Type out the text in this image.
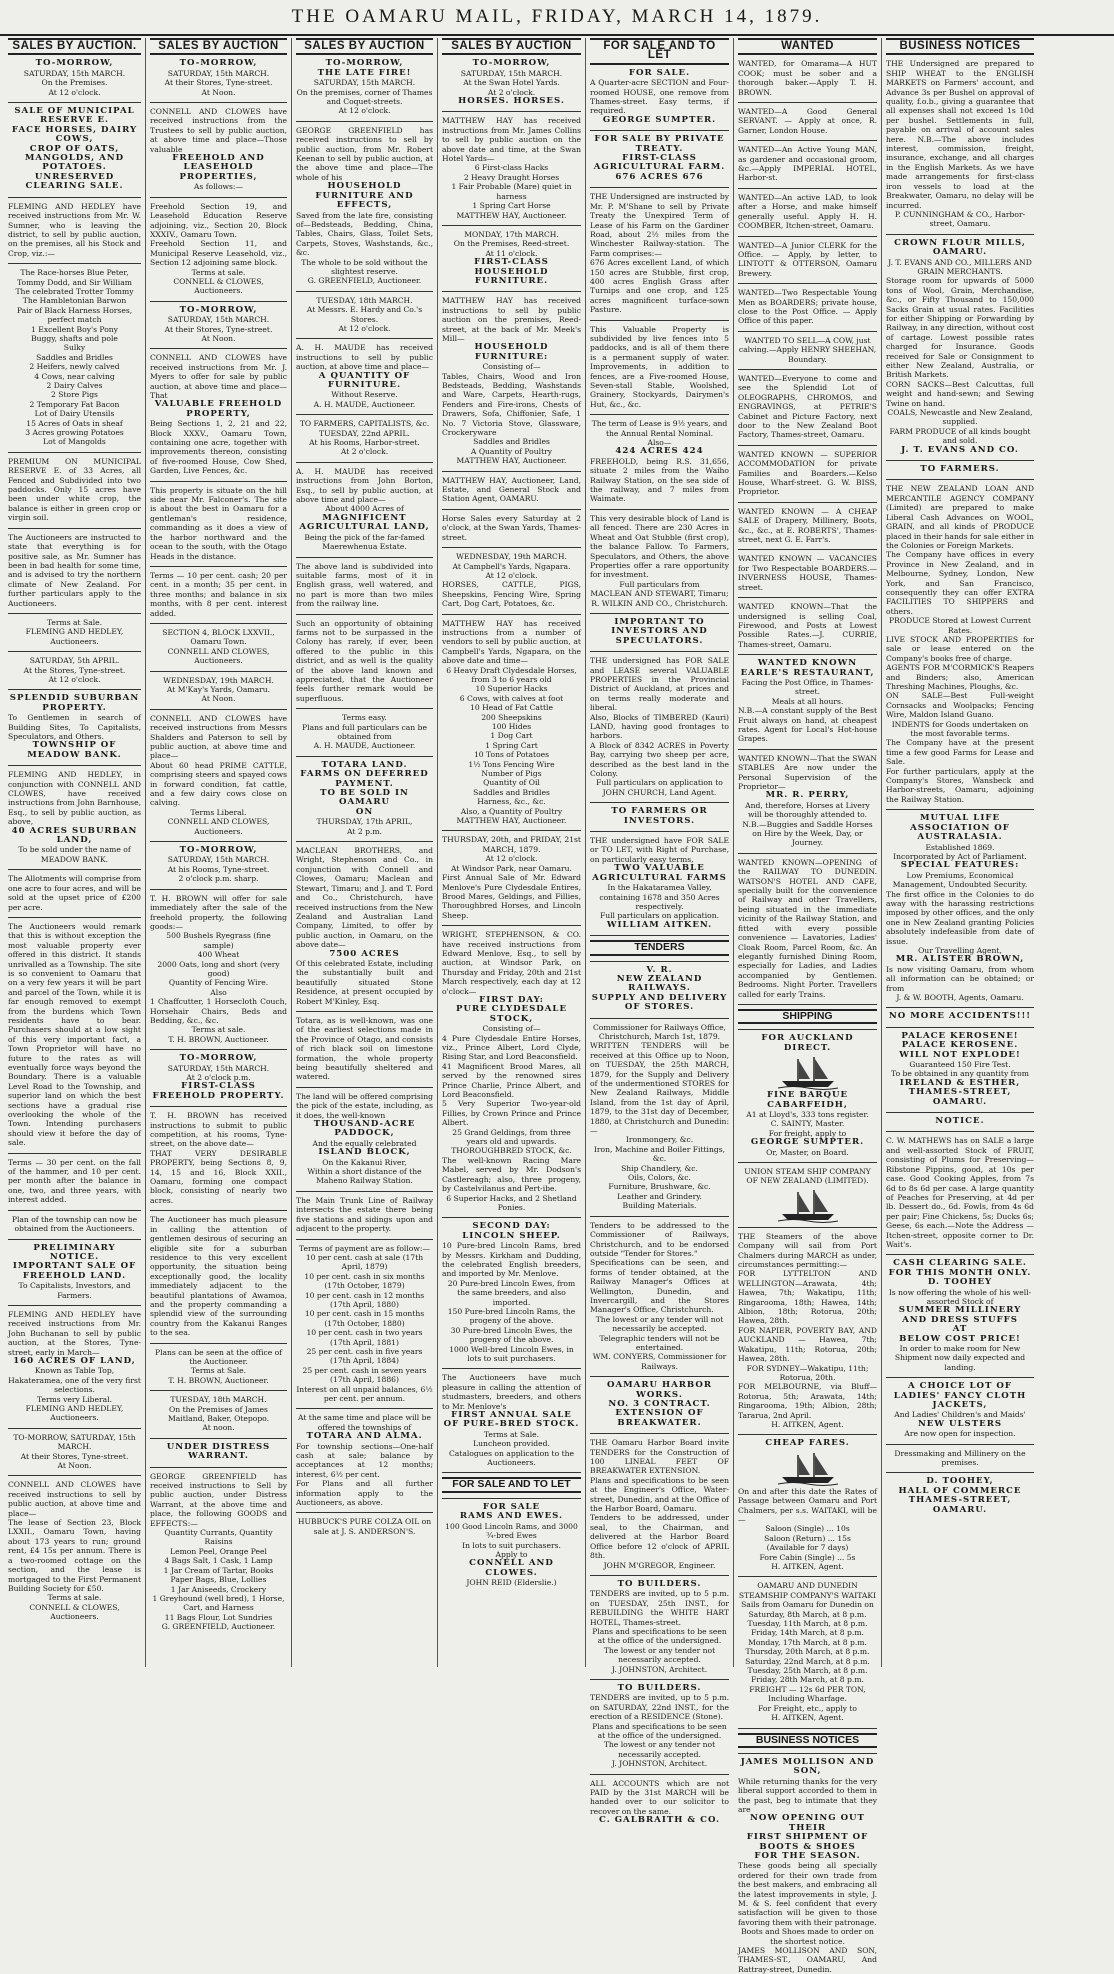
THE OAMARU MAIL, FRIDAY, MARCH 14, 1879.
SALES BY AUCTION.
TO-MORROW,
SATURDAY, 15th MARCH.
On the Premises.
At 12 o'clock.
SALE OF MUNICIPAL RESERVE E.
FACE HORSES, DAIRY COWS,
CROP OF OATS, MANGOLDS, AND POTATOES.
UNRESERVED CLEARING SALE.
FLEMING AND HEDLEY have received instructions from Mr. W. Sumner, who is leaving the district, to sell by public auction, on the premises, all his Stock and Crop, viz.:—
The Race-horses Blue Peter, Tommy Dodd, and Sir William
The celebrated Trotter Tommy
The Hambletonian Barwon
Pair of Black Harness Horses, perfect match
1 Excellent Boy's Pony
Buggy, shafts and pole
Sulky
Saddles and Bridles
2 Heifers, newly calved
4 Cows, near calving
2 Dairy Calves
2 Store Pigs
2 Temporary Fat Bacon
Lot of Dairy Utensils
15 Acres of Oats in sheaf
3 Acres growing Potatoes
Lot of Mangolds
PREMIUM ON MUNICIPAL RESERVE E. of 33 Acres, all Fenced and Subdivided into two paddocks. Only 15 acres have been under white crop, the balance is either in green crop or virgin soil.
The Auctioneers are instructed to state that everything is for positive sale, as Mr. Sumner has been in bad health for some time, and is advised to try the northern climate of New Zealand. For further particulars apply to the Auctioneers.
Terms at Sale.
FLEMING AND HEDLEY, Auctioneers.
SATURDAY, 5th APRIL.
At the Stores, Tyne-street.
At 12 o'clock.
SPLENDID SUBURBAN PROPERTY.
To Gentlemen in search of Building Sites, To Capitalists, Speculators, and Others.
TOWNSHIP OF MEADOW BANK.
FLEMING AND HEDLEY, in conjunction with CONNELL AND CLOWES, have received instructions from John Barnhouse, Esq., to sell by public auction, as above,
40 ACRES SUBURBAN LAND,
To be sold under the name of MEADOW BANK.
The Allotments will comprise from one acre to four acres, and will be sold at the upset price of £200 per acre.
The Auctioneers would remark that this is without exception the most valuable property ever offered in this district. It stands unrivalled as a Township. The site is so convenient to Oamaru that on a very few years it will be part and parcel of the Town, while it is far enough removed to exempt from the burdens which Town residents have to bear. Purchasers should at a low sight of this very important fact, a Town Proprietor will have no future to the rates as will eventually force ways beyond the Boundary. There is a valuable Level Road to the Township, and superior land on which the best sections have a gradual rise overlooking the whole of the Town. Intending purchasers should view it before the day of sale.
Terms — 30 per cent. on the fall of the hammer, and 10 per cent. per month after the balance in one, two, and three years, with interest added.
Plan of the township can now be obtained from the Auctioneers.
PRELIMINARY NOTICE.
IMPORTANT SALE OF FREEHOLD LAND.
To Capitalists, Investors, and Farmers.
FLEMING AND HEDLEY have received instructions from Mr. John Buchanan to sell by public auction, at the Stores, Tyne-street, early in March—
160 ACRES OF LAND,
Known as Table Top, Hakateramea, one of the very first selections.
Terms very Liberal.
FLEMING AND HEDLEY, Auctioneers.
TO-MORROW, SATURDAY, 15th MARCH.
At their Stores, Tyne-street.
At Noon.
CONNELL AND CLOWES have received instructions to sell by public auction, at above time and place—
The lease of Section 23, Block LXXII., Oamaru Town, having about 173 years to run; ground rent, £4 15s per annum. There is a two-roomed cottage on the section, and the lease is mortgaged to the First Permanent Building Society for £50.
Terms at sale.
CONNELL & CLOWES, Auctioneers.
SALES BY AUCTION
TO-MORROW,
SATURDAY, 15th MARCH.
At their Stores, Tyne-street.
At Noon.
CONNELL AND CLOWES have received instructions from the Trustees to sell by public auction, at above time and place—Those valuable
FREEHOLD AND LEASEHOLD PROPERTIES,
As follows:—
Freehold Section 19, and Leasehold Education Reserve adjoining, viz., Section 20, Block XXXIV., Oamaru Town.
Freehold Section 11, and Municipal Reserve Leasehold, viz., Section 12 adjoining same block.
Terms at sale.
CONNELL & CLOWES, Auctioneers.
TO-MORROW,
SATURDAY, 15th MARCH.
At their Stores, Tyne-street.
At Noon.
CONNELL AND CLOWES have received instructions from Mr. J. Myers to offer for sale by public auction, at above time and place—That
VALUABLE FREEHOLD PROPERTY,
Being Sections 1, 2, 21 and 22, Block XXXV., Oamaru Town, containing one acre, together with improvements thereon, consisting of five-roomed House, Cow Shed, Garden, Live Fences, &c.
This property is situate on the hill side near Mr. Falconer's. The site is about the best in Oamaru for a gentleman's residence, commanding as it does a view of the harbor northward and the ocean to the south, with the Otago Heads in the distance.
Terms — 10 per cent. cash; 20 per cent. in a month; 35 per cent. in three months; and balance in six months, with 8 per cent. interest added.
SECTION 4, BLOCK LXXVII., Oamaru Town.
CONNELL AND CLOWES, Auctioneers.
WEDNESDAY, 19th MARCH.
At M'Kay's Yards, Oamaru.
At Noon.
CONNELL AND CLOWES have received instructions from Messrs Shalders and Paterson to sell by public auction, at above time and place—
About 60 head PRIME CATTLE, comprising steers and spayed cows in forward condition, fat cattle, and a few dairy cows close on calving.
Terms Liberal.
CONNELL AND CLOWES, Auctioneers.
TO-MORROW,
SATURDAY, 15th MARCH.
At his Rooms, Tyne-street.
2 o'clock p.m. sharp.
T. H. BROWN will offer for sale immediately after the sale of the freehold property, the following goods:—
500 Bushels Ryegrass (fine sample)
400 Wheat
2000 Oats, long and short (very good)
Quantity of Fencing Wire.
Also
1 Chaffcutter, 1 Horsecloth Couch, Horsehair Chairs, Beds and Bedding, &c., &c.
Terms at sale.
T. H. BROWN, Auctioneer.
TO-MORROW,
SATURDAY, 15th MARCH.
At 2 o'clock p.m.
FIRST-CLASS FREEHOLD PROPERTY.
T. H. BROWN has received instructions to submit to public competition, at his rooms, Tyne-street, on the above date—
THAT VERY DESIRABLE PROPERTY, being Sections 8, 9, 14, 15 and 16, Block XXII., Oamaru, forming one compact block, consisting of nearly two acres.
The Auctioneer has much pleasure in calling the attention of gentlemen desirous of securing an eligible site for a suburban residence to this very excellent opportunity, the situation being exceptionally good, the locality immediately adjacent to the beautiful plantations of Awamoa, and the property commanding a splendid view of the surrounding country from the Kakanui Ranges to the sea.
Plans can be seen at the office of the Auctioneer.
Terms at Sale.
T. H. BROWN, Auctioneer.
TUESDAY, 18th MARCH.
On the Premises of James Maitland, Baker, Otepopo.
At noon.
UNDER DISTRESS WARRANT.
GEORGE GREENFIELD has received instructions to Sell by public auction, under Distress Warrant, at the above time and place, the following GOODS and EFFECTS:—
Quantity Currants, Quantity Raisins
Lemon Peel, Orange Peel
4 Bags Salt, 1 Cask, 1 Lamp
1 Jar Cream of Tartar, Books
Paper Bags, Blue, Lollies
1 Jar Aniseeds, Crockery
1 Greyhound (well bred), 1 Horse, Cart, and Harness
11 Bags Flour, Lot Sundries
G. GREENFIELD, Auctioneer.
SALES BY AUCTION
TO-MORROW,
THE LATE FIRE!
SATURDAY, 15th MARCH.
On the premises, corner of Thames and Coquet-streets.
At 12 o'clock.
GEORGE GREENFIELD has received instructions to sell by public auction, from Mr. Robert Keenan to sell by public auction, at the above time and place—The whole of his
HOUSEHOLD FURNITURE AND EFFECTS,
Saved from the late fire, consisting of—Bedsteads, Bedding, China, Tables, Chairs, Glass, Toilet Sets, Carpets, Stoves, Washstands, &c., &c.
The whole to be sold without the slightest reserve.
G. GREENFIELD, Auctioneer.
TUESDAY, 18th MARCH.
At Messrs. E. Hardy and Co.'s Stores.
At 12 o'clock.
A. H. MAUDE has received instructions to sell by public auction, at above time and place—
A QUANTITY OF FURNITURE.
Without Reserve.
A. H. MAUDE, Auctioneer.
TO FARMERS, CAPITALISTS, &c.
TUESDAY, 22nd APRIL.
At his Rooms, Harbor-street.
At 2 o'clock.
A. H. MAUDE has received instructions from John Borton, Esq., to sell by public auction, at above time and place—
About 4000 Acres of
MAGNIFICENT AGRICULTURAL LAND,
Being the pick of the far-famed Maerewhenua Estate.
The above land is subdivided into suitable farms, most of it in English grass, well watered, and no part is more than two miles from the railway line.
Such an opportunity of obtaining farms not to be surpassed in the Colony has rarely, if ever, been offered to the public in this district, and as well is the quality of the above land known and appreciated, that the Auctioneer feels further remark would be superfluous.
Terms easy.
Plans and full particulars can be obtained from
A. H. MAUDE, Auctioneer.
TOTARA LAND.
FARMS ON DEFERRED PAYMENT.
TO BE SOLD IN OAMARU
ON
THURSDAY, 17th APRIL,
At 2 p.m.
MACLEAN BROTHERS, and Wright, Stephenson and Co., in conjunction with Connell and Clowes, Oamaru; Maclean and Stewart, Timaru; and J. and T. Ford and Co., Christchurch, have received instructions from the New Zealand and Australian Land Company, Limited, to offer by public auction, in Oamaru, on the above date—
7500 ACRES
Of this celebrated Estate, including the substantially built and beautifully situated Stone Residence, at present occupied by Robert M'Kinley, Esq.
Totara, as is well-known, was one of the earliest selections made in the Province of Otago, and consists of rich black soil on limestone formation, the whole property being beautifully sheltered and watered.
The land will be offered comprising the pick of the estate, including, as it does, the well-known
THOUSAND-ACRE PADDOCK,
And the equally celebrated
ISLAND BLOCK,
On the Kakanui River,
Within a short distance of the Maheno Railway Station.
The Main Trunk Line of Railway intersects the estate there being five stations and sidings upon and adjacent to the property.
Terms of payment are as follow:—
10 per cent. cash at sale (17th April, 1879)
10 per cent. cash in six months (17th October, 1879)
10 per cent. cash in 12 months (17th April, 1880)
10 per cent. cash in 15 months (17th October, 1880)
10 per cent. cash in two years (17th April, 1881)
25 per cent. cash in five years (17th April, 1884)
25 per cent. cash in seven years (17th April, 1886)
Interest on all unpaid balances, 6½ per cent. per annum.
At the same time and place will be offered the townships of
TOTARA AND ALMA.
For township sections—One-half cash at sale; balance by acceptances at 12 months; interest, 6½ per cent.
For Plans and all further information apply to the Auctioneers, as above.
HUBBUCK'S PURE COLZA OIL on sale at J. S. ANDERSON'S.
SALES BY AUCTION
TO-MORROW,
SATURDAY, 15th MARCH.
At the Swan Hotel Yards.
At 2 o'clock.
HORSES. HORSES.
MATTHEW HAY has received instructions from Mr. James Collins to sell by public auction on the above date and time, at the Swan Hotel Yards—
6 First-class Hacks
2 Heavy Draught Horses
1 Fair Probable (Mare) quiet in harness
1 Spring Cart Horse
MATTHEW HAY, Auctioneer.
MONDAY, 17th MARCH.
On the Premises, Reed-street.
At 11 o'clock.
FIRST-CLASS HOUSEHOLD FURNITURE.
MATTHEW HAY has received instructions to sell by public auction on the premises, Reed-street, at the back of Mr. Meek's Mill—
HOUSEHOLD FURNITURE:
Consisting of—
Tables, Chairs, Wood and Iron Bedsteads, Bedding, Washstands and Ware, Carpets, Hearth-rugs, Fenders and Fire-irons, Chests of Drawers, Sofa, Chiffonier, Safe, 1 No. 7 Victoria Stove, Glassware, Crockeryware
Saddles and Bridles
A Quantity of Poultry
MATTHEW HAY, Auctioneer.
MATTHEW HAY, Auctioneer, Land, Estate, and General Stock and Station Agent, OAMARU.
Horse Sales every Saturday at 2 o'clock, at the Swan Yards, Thames-street.
WEDNESDAY, 19th MARCH.
At Campbell's Yards, Ngapara.
At 12 o'clock.
HORSES, CATTLE, PIGS, Sheepskins, Fencing Wire, Spring Cart, Dog Cart, Potatoes, &c.
MATTHEW HAY has received instructions from a number of vendors to sell by public auction, at Campbell's Yards, Ngapara, on the above date and time—
6 Heavy Draft Clydesdale Horses, from 3 to 6 years old
10 Superior Hacks
6 Cows, with calves at foot
10 Head of Fat Cattle
200 Sheepskins
100 Hides
1 Dog Cart
1 Spring Cart
10 Tons of Potatoes
1½ Tons Fencing Wire
Number of Pigs
Quantity of Oil
Saddles and Bridles
Harness, &c., &c.
Also, a Quantity of Poultry
MATTHEW HAY, Auctioneer.
THURSDAY, 20th, and FRIDAY, 21st MARCH, 1879.
At 12 o'clock.
At Windsor Park, near Oamaru.
First Annual Sale of Mr. Edward Menlove's Pure Clydesdale Entires, Brood Mares, Geldings, and Fillies, Thoroughbred Horses, and Lincoln Sheep.
WRIGHT, STEPHENSON, & CO. have received instructions from Edward Menlove, Esq., to sell by auction, at Windsor Park, on Thursday and Friday, 20th and 21st March respectively, each day at 12 o'clock—
FIRST DAY:
PURE CLYDESDALE STOCK,
Consisting of—
4 Pure Clydesdale Entire Horses, viz., Prince Albert, Lord Clyde, Rising Star, and Lord Beaconsfield.
41 Magnificent Brood Mares, all served by the renowned sires Prince Charlie, Prince Albert, and Lord Beaconsfield.
5 Very Superior Two-year-old Fillies, by Crown Prince and Prince Albert.
25 Grand Geldings, from three years old and upwards.
THOROUGHBRED STOCK, &c.
The well-known Racing Mare Mabel, served by Mr. Dodson's Castlereagh; also, three progeny, by Castelvilanus and Pert-ibe.
6 Superior Hacks, and 2 Shetland Ponies.
SECOND DAY:
LINCOLN SHEEP.
10 Pure-bred Lincoln Rams, bred by Messrs. Kirkham and Dudding, the celebrated English breeders, and imported by Mr. Menlove.
20 Pure-bred Lincoln Ewes, from the same breeders, and also imported.
150 Pure-bred Lincoln Rams, the progeny of the above.
30 Pure-bred Lincoln Ewes, the progeny of the above.
1000 Well-bred Lincoln Ewes, in lots to suit purchasers.
The Auctioneers have much pleasure in calling the attention of studmasters, breeders, and others to Mr. Menlove's
FIRST ANNUAL SALE OF PURE-BRED STOCK.
Terms at Sale.
Luncheon provided.
Catalogues on application to the Auctioneers.
FOR SALE AND TO LET
FOR SALE
RAMS AND EWES.
100 Good Lincoln Rams, and 3000 ¾-bred Ewes
In lots to suit purchasers.
Apply to
CONNELL AND CLOWES.
JOHN REID (Elderslie.)
FOR SALE AND TO LET
FOR SALE.
A Quarter-acre SECTION and Four-roomed HOUSE, one remove from Thames-street. Easy terms, if required.
GEORGE SUMPTER.
FOR SALE BY PRIVATE TREATY.
FIRST-CLASS AGRICULTURAL FARM.
676 ACRES 676
THE Undersigned are instructed by Mr. P. M'Shane to sell by Private Treaty the Unexpired Term of Lease of his Farm on the Gardiner Road, about 2½ miles from the Winchester Railway-station. The Farm comprises:—
676 Acres excellent Land, of which 150 acres are Stubble, first crop, 400 acres English Grass after Turnips and one crop, and 125 acres magnificent turface-sown Pasture.
This Valuable Property is subdivided by live fences into 5 paddocks, and is all of them there is a permanent supply of water. Improvements, in addition to fences, are a Five-roomed House, Seven-stall Stable, Woolshed, Grainery, Stockyards, Dairymen's Hut, &c., &c.
The term of Lease is 9½ years, and the Annual Rental Nominal.
Also—
424 ACRES 424
FREEHOLD, being R.S. 31,656, situate 2 miles from the Waiho Railway Station, on the sea side of the railway, and 7 miles from Waimate.
This very desirable block of Land is all fenced. There are 230 Acres in Wheat and Oat Stubble (first crop), the balance Fallow. To Farmers, Speculators, and Others, the above Properties offer a rare opportunity for investment.
Full particulars from
MACLEAN AND STEWART, Timaru;
R. WILKIN AND CO., Christchurch.
IMPORTANT TO INVESTORS AND SPECULATORS.
THE undersigned has FOR SALE and LEASE several VALUABLE PROPERTIES in the Provincial District of Auckland, at prices and on terms really moderate and liberal.
Also, Blocks of TIMBERED (Kauri) LAND, having good frontages to harbors.
A Block of 8342 ACRES in Poverty Bay, carrying two sheep per acre, described as the best land in the Colony.
Full particulars on application to
JOHN CHURCH, Land Agent.
TO FARMERS OR INVESTORS.
THE undersigned have FOR SALE or TO LET, with Right of Purchase, on particularly easy terms,
TWO VALUABLE AGRICULTURAL FARMS
In the Hakataramea Valley, containing 1678 and 350 Acres respectively.
Full particulars on application.
WILLIAM AITKEN.
TENDERS
V. R.
NEW ZEALAND RAILWAYS.
SUPPLY AND DELIVERY OF STORES.
Commissioner for Railways Office, Christchurch, March 1st, 1879.
WRITTEN TENDERS will be received at this Office up to Noon, on TUESDAY, the 25th MARCH, 1879, for the Supply and Delivery of the undermentioned STORES for New Zealand Railways, Middle Island, from the 1st day of April, 1879, to the 31st day of December, 1880, at Christchurch and Dunedin:—
Ironmongery, &c.
Iron, Machine and Boiler Fittings, &c.
Ship Chandlery, &c.
Oils, Colors, &c.
Furniture, Brushware, &c.
Leather and Grindery.
Building Materials.
Tenders to be addressed to the Commissioner of Railways, Christchurch, and to be endorsed outside "Tender for Stores."
Specifications can be seen, and forms of tender obtained, at the Railway Manager's Offices at Wellington, Dunedin, and Invercargill, and the Stores Manager's Office, Christchurch.
The lowest or any tender will not necessarily be accepted.
Telegraphic tenders will not be entertained.
WM. CONYERS, Commissioner for Railways.
OAMARU HARBOR WORKS.
NO. 3 CONTRACT.
EXTENSION OF BREAKWATER.
THE Oamaru Harbor Board invite TENDERS for the Construction of 100 LINEAL FEET OF BREAKWATER EXTENSION.
Plans and specifications to be seen at the Engineer's Office, Water-street, Dunedin, and at the Office of the Harbor Board, Oamaru.
Tenders to be addressed, under seal, to the Chairman, and delivered at the Harbor Board Office before 12 o'clock of APRIL 8th.
JOHN M'GREGOR, Engineer.
TO BUILDERS.
TENDERS are invited, up to 5 p.m. on TUESDAY, 25th INST., for REBUILDING the WHITE HART HOTEL, Thames-street.
Plans and specifications to be seen at the office of the undersigned.
The lowest or any tender not necessarily accepted.
J. JOHNSTON, Architect.
TO BUILDERS.
TENDERS are invited, up to 5 p.m. on SATURDAY, 22nd INST., for the erection of a RESIDENCE (Stone).
Plans and specifications to be seen at the office of the undersigned.
The lowest or any tender not necessarily accepted.
J. JOHNSTON, Architect.
ALL ACCOUNTS which are not PAID by the 31st MARCH will be handed over to our solicitor to recover on the same.
C. GALBRAITH & CO.
WANTED
WANTED, for Omarama—A HUT COOK; must be sober and a thorough baker.—Apply T. H. BROWN.
WANTED—A Good General SERVANT. — Apply at once, R. Garner, London House.
WANTED—An Active Young MAN, as gardener and occasional groom, &c.—Apply IMPERIAL HOTEL, Harbor-st.
WANTED—An active LAD, to look after a Horse, and make himself generally useful. Apply H. H. COOMBER, Itchen-street, Oamaru.
WANTED—A Junior CLERK for the Office. — Apply, by letter, to LINTOTT & OTTERSON, Oamaru Brewery.
WANTED—Two Respectable Young Men as BOARDERS; private house, close to the Post Office. — Apply Office of this paper.
WANTED TO SELL—A COW, just calving.—Apply HENRY SHEEHAN, Boundary.
WANTED—Everyone to come and see the Splendid Lot of OLEOGRAPHS, CHROMOS, and ENGRAVINGS, at PETRIE'S Cabinet and Picture Factory, next door to the New Zealand Boot Factory, Thames-street, Oamaru.
WANTED KNOWN — SUPERIOR ACCOMMODATION for private Families and Boarders.—Kelso House, Wharf-street. G. W. BISS, Proprietor.
WANTED KNOWN — A CHEAP SALE of Drapery, Millinery, Boots, &c., &c., at E. ROBERTS', Thames-street, next G. E. Farr's.
WANTED KNOWN — VACANCIES for Two Respectable BOARDERS.—INVERNESS HOUSE, Thames-street.
WANTED KNOWN—That the undersigned is selling Coal, Firewood, and Posts at Lowest Possible Rates.—J. CURRIE, Thames-street, Oamaru.
WANTED KNOWN
EARLE'S RESTAURANT,
Facing the Post Office, in Thames-street.
Meals at all hours.
N.B.—A constant supply of the Best Fruit always on hand, at cheapest rates. Agent for Local's Hot-house Grapes.
WANTED KNOWN—That the SWAN STABLES Are now under the Personal Supervision of the Proprietor—
MR. R. PERRY,
And, therefore, Horses at Livery will be thoroughly attended to.
N.B.—Buggies and Saddle Horses on Hire by the Week, Day, or Journey.
WANTED KNOWN—OPENING of the RAILWAY TO DUNEDIN. WATSON'S HOTEL AND CAFE, specially built for the convenience of Railway and other Travellers, being situated in the immediate vicinity of the Railway Station, and fitted with every possible convenience — Lavatories, Ladies' Cloak Room, Parcel Room, &c. An elegantly furnished Dining Room, especially for Ladies, and Ladies accompanied by Gentlemen. Bedrooms. Night Porter. Travellers called for early Trains.
SHIPPING
FOR AUCKLAND DIRECT.
FINE BARQUE
CABARFEIDH,
A1 at Lloyd's, 333 tons register.
C. SAINTY, Master.
For freight, apply to
GEORGE SUMPTER.
Or, Master, on Board.
UNION STEAM SHIP COMPANY OF NEW ZEALAND (LIMITED).
THE Steamers of the above Company will sail from Port Chalmers during MARCH as under, circumstances permitting:—
FOR LYTTELTON AND WELLINGTON—Arawata, 4th; Hawea, 7th; Wakatipu, 11th; Ringarooma, 18th; Hawea, 14th; Albion, 18th; Rotorua, 20th; Hawea, 28th.
FOR NAPIER, POVERTY BAY, AND AUCKLAND — Hawea, 7th; Wakatipu, 11th; Rotorua, 20th; Hawea, 28th.
FOR SYDNEY—Wakatipu, 11th; Rotorua, 20th.
FOR MELBOURNE, via Bluff—Rotorua, 5th; Arawata, 14th; Ringarooma, 19th; Albion, 28th; Tararua, 2nd April.
H. AITKEN, Agent.
CHEAP FARES.
On and after this date the Rates of Passage between Oamaru and Port Chalmers, per s.s. WAITAKI, will be—
Saloon (Single) ... 10s
Saloon (Return) ... 15s
(Available for 7 days)
Fore Cabin (Single) ... 5s
H. AITKEN, Agent.
OAMARU AND DUNEDIN STEAMSHIP COMPANY'S WAITAKI
Sails from Oamaru for Dunedin on
Saturday, 8th March, at 8 p.m.
Tuesday, 11th March, at 8 p.m.
Friday, 14th March, at 8 p.m.
Monday, 17th March, at 8 p.m.
Thursday, 20th March, at 8 p.m.
Saturday, 22nd March, at 8 p.m.
Tuesday, 25th March, at 8 p.m.
Friday, 28th March, at 8 p.m.
FREIGHT — 12s 6d PER TON, Including Wharfage.
For Freight, etc., apply to
H. AITKEN, Agent.
BUSINESS NOTICES
JAMES MOLLISON AND SON,
While returning thanks for the very liberal support accorded to them in the past, beg to intimate that they are
NOW OPENING OUT
THEIR
FIRST SHIPMENT OF BOOTS & SHOES
FOR THE SEASON.
These goods being all specially ordered for their own trade from the best makers, and embracing all the latest improvements in style, J. M. & S. feel confident that every satisfaction will be given to those favoring them with their patronage.
Boots and Shoes made to order on the shortest notice.
JAMES MOLLISON AND SON, THAMES-ST., OAMARU, And Rattray-street, Dunedin.
BUSINESS NOTICES
THE Undersigned are prepared to SHIP WHEAT to the ENGLISH MARKETS on Farmers' account, and Advance 3s per Bushel on approval of quality, f.o.b., giving a guarantee that all expenses shall not exceed 1s 10d per bushel. Settlements in full, payable on arrival of account sales here. N.B.—The above includes interest, commission, freight, insurance, exchange, and all charges in the English Markets. As we have made arrangements for first-class iron vessels to load at the Breakwater, Oamaru, no delay will be incurred.
P. CUNNINGHAM & CO., Harbor-street, Oamaru.
CROWN FLOUR MILLS, OAMARU.
J. T. EVANS AND CO., MILLERS AND GRAIN MERCHANTS.
Storage room for upwards of 5000 tons of Wool, Grain, Merchandise, &c., or Fifty Thousand to 150,000 Sacks Grain at usual rates. Facilities for either Shipping or Forwarding by Railway, in any direction, without cost of cartage. Lowest possible rates charged for Insurance. Goods received for Sale or Consignment to either New Zealand, Australia, or British Markets.
CORN SACKS—Best Calcuttas, full weight and hand-sewn; and Sewing Twine on hand.
COALS, Newcastle and New Zealand, supplied.
FARM PRODUCE of all kinds bought and sold.
J. T. EVANS AND CO.
TO FARMERS.
THE NEW ZEALAND LOAN AND MERCANTILE AGENCY COMPANY (Limited) are prepared to make Liberal Cash Advances on WOOL, GRAIN, and all kinds of PRODUCE placed in their hands for sale either in the Colonies or Foreign Markets.
The Company have offices in every Province in New Zealand, and in Melbourne, Sydney, London, New York, and San Francisco, consequently they can offer EXTRA FACILITIES TO SHIPPERS and others.
PRODUCE Stored at Lowest Current Rates.
LIVE STOCK AND PROPERTIES for sale or lease entered on the Company's books free of charge.
AGENTS FOR M'CORMICK'S Reapers and Binders; also, American Threshing Machines, Ploughs, &c.
ON SALE—Best Full-weight Cornsacks and Woolpacks; Fencing Wire, Maldon Island Guano.
INDENTS for Goods undertaken on the most favorable terms.
The Company have at the present time a few good Farms for Lease and Sale.
For further particulars, apply at the Company's Stores, Wansbeck and Harbor-streets, Oamaru, adjoining the Railway Station.
MUTUAL LIFE ASSOCIATION OF AUSTRALASIA.
Established 1869.
Incorporated by Act of Parliament.
SPECIAL FEATURES:
Low Premiums, Economical Management, Undoubted Security.
The first office in the Colonies to do away with the harassing restrictions imposed by other offices, and the only one in New Zealand granting Policies absolutely indefeasible from date of issue.
Our Travelling Agent,
MR. ALISTER BROWN,
Is now visiting Oamaru, from whom all information can be obtained; or from
J. & W. BOOTH, Agents, Oamaru.
NO MORE ACCIDENTS!!!
PALACE KEROSENE!
PALACE KEROSENE.
WILL NOT EXPLODE!
Guaranteed 150 Fire Test.
To be obtained in any quantity from
IRELAND & ESTHER, THAMES-STREET, OAMARU.
NOTICE.
C. W. MATHEWS has on SALE a large and well-assorted Stock of FRUIT, consisting of Plums for Preserving—Ribstone Pippins, good, at 10s per case. Good Cooking Apples, from 7s 6d to 8s 6d per case. A large quantity of Peaches for Preserving, at 4d per lb. Dessert do., 6d. Fowls, from 4s 6d per pair; Fine Chickens, 5s; Ducks 6s; Geese, 6s each.—Note the Address — Itchen-street, opposite corner to Dr. Wait's.
CASH CLEARING SALE.
FOR THIS MONTH ONLY.
D. TOOHEY
Is now offering the whole of his well-assorted Stock of
SUMMER MILLINERY AND DRESS STUFFS
AT
BELOW COST PRICE!
In order to make room for New Shipment now daily expected and landing.
A CHOICE LOT OF
LADIES' FANCY CLOTH JACKETS,
And Ladies' Children's and Maids'
NEW ULSTERS
Are now open for inspection.
Dressmaking and Millinery on the premises.
D. TOOHEY,
HALL OF COMMERCE
THAMES-STREET, OAMARU.
